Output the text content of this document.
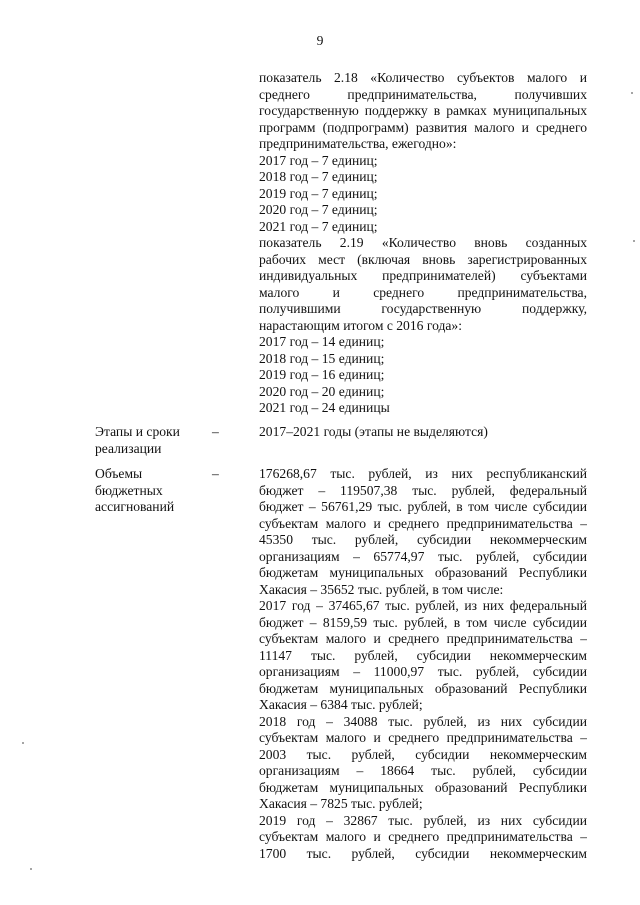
9
показатель 2.18 «Количество субъектов малого и
среднего предпринимательства, получивших
государственную поддержку в рамках муниципальных
программ (подпрограмм) развития малого и среднего
предпринимательства, ежегодно»:
2017 год – 7 единиц;
2018 год – 7 единиц;
2019 год – 7 единиц;
2020 год – 7 единиц;
2021 год – 7 единиц;
показатель 2.19 «Количество вновь созданных
рабочих мест (включая вновь зарегистрированных
индивидуальных предпринимателей) субъектами
малого и среднего предпринимательства,
получившими государственную поддержку,
нарастающим итогом с 2016 года»:
2017 год – 14 единиц;
2018 год – 15 единиц;
2019 год – 16 единиц;
2020 год – 20 единиц;
2021 год – 24 единицы
Этапы и сроки
реализации
–	2017–2021 годы (этапы не выделяются)
Объемы
бюджетных
ассигнований
–	176268,67 тыс. рублей, из них республиканский
бюджет – 119507,38 тыс. рублей, федеральный
бюджет – 56761,29 тыс. рублей, в том числе субсидии
субъектам малого и среднего предпринимательства –
45350 тыс. рублей, субсидии некоммерческим
организациям – 65774,97 тыс. рублей, субсидии
бюджетам муниципальных образований Республики
Хакасия – 35652 тыс. рублей, в том числе:
2017 год – 37465,67 тыс. рублей, из них федеральный
бюджет – 8159,59 тыс. рублей, в том числе субсидии
субъектам малого и среднего предпринимательства –
11147 тыс. рублей, субсидии некоммерческим
организациям – 11000,97 тыс. рублей, субсидии
бюджетам муниципальных образований Республики
Хакасия – 6384 тыс. рублей;
2018 год – 34088 тыс. рублей, из них субсидии
субъектам малого и среднего предпринимательства –
2003 тыс. рублей, субсидии некоммерческим
организациям – 18664 тыс. рублей, субсидии
бюджетам муниципальных образований Республики
Хакасия – 7825 тыс. рублей;
2019 год – 32867 тыс. рублей, из них субсидии
субъектам малого и среднего предпринимательства –
1700 тыс. рублей, субсидии некоммерческим
